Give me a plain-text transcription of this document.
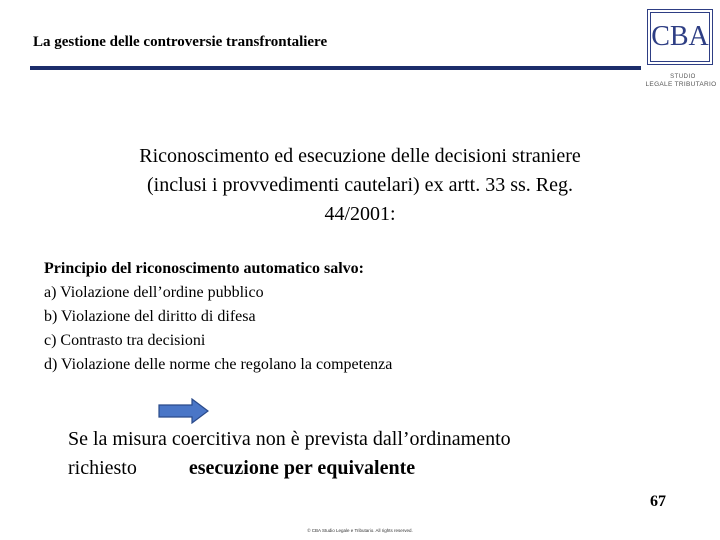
La gestione delle controversie transfrontaliere	CBA
STUDIO
LEGALE TRIBUTARIO
Riconoscimento ed esecuzione delle decisioni straniere
(inclusi i provvedimenti cautelari) ex artt. 33 ss. Reg.
44/2001:
Principio del riconoscimento automatico salvo:
a) Violazione dell’ordine pubblico
b) Violazione del diritto di difesa
c) Contrasto tra decisioni
d) Violazione delle norme che regolano la competenza
Se la misura coercitiva non è prevista dall’ordinamento
richiesto	esecuzione per equivalente
67
© CBA Studio Legale e Tributario. All rights reserved.
